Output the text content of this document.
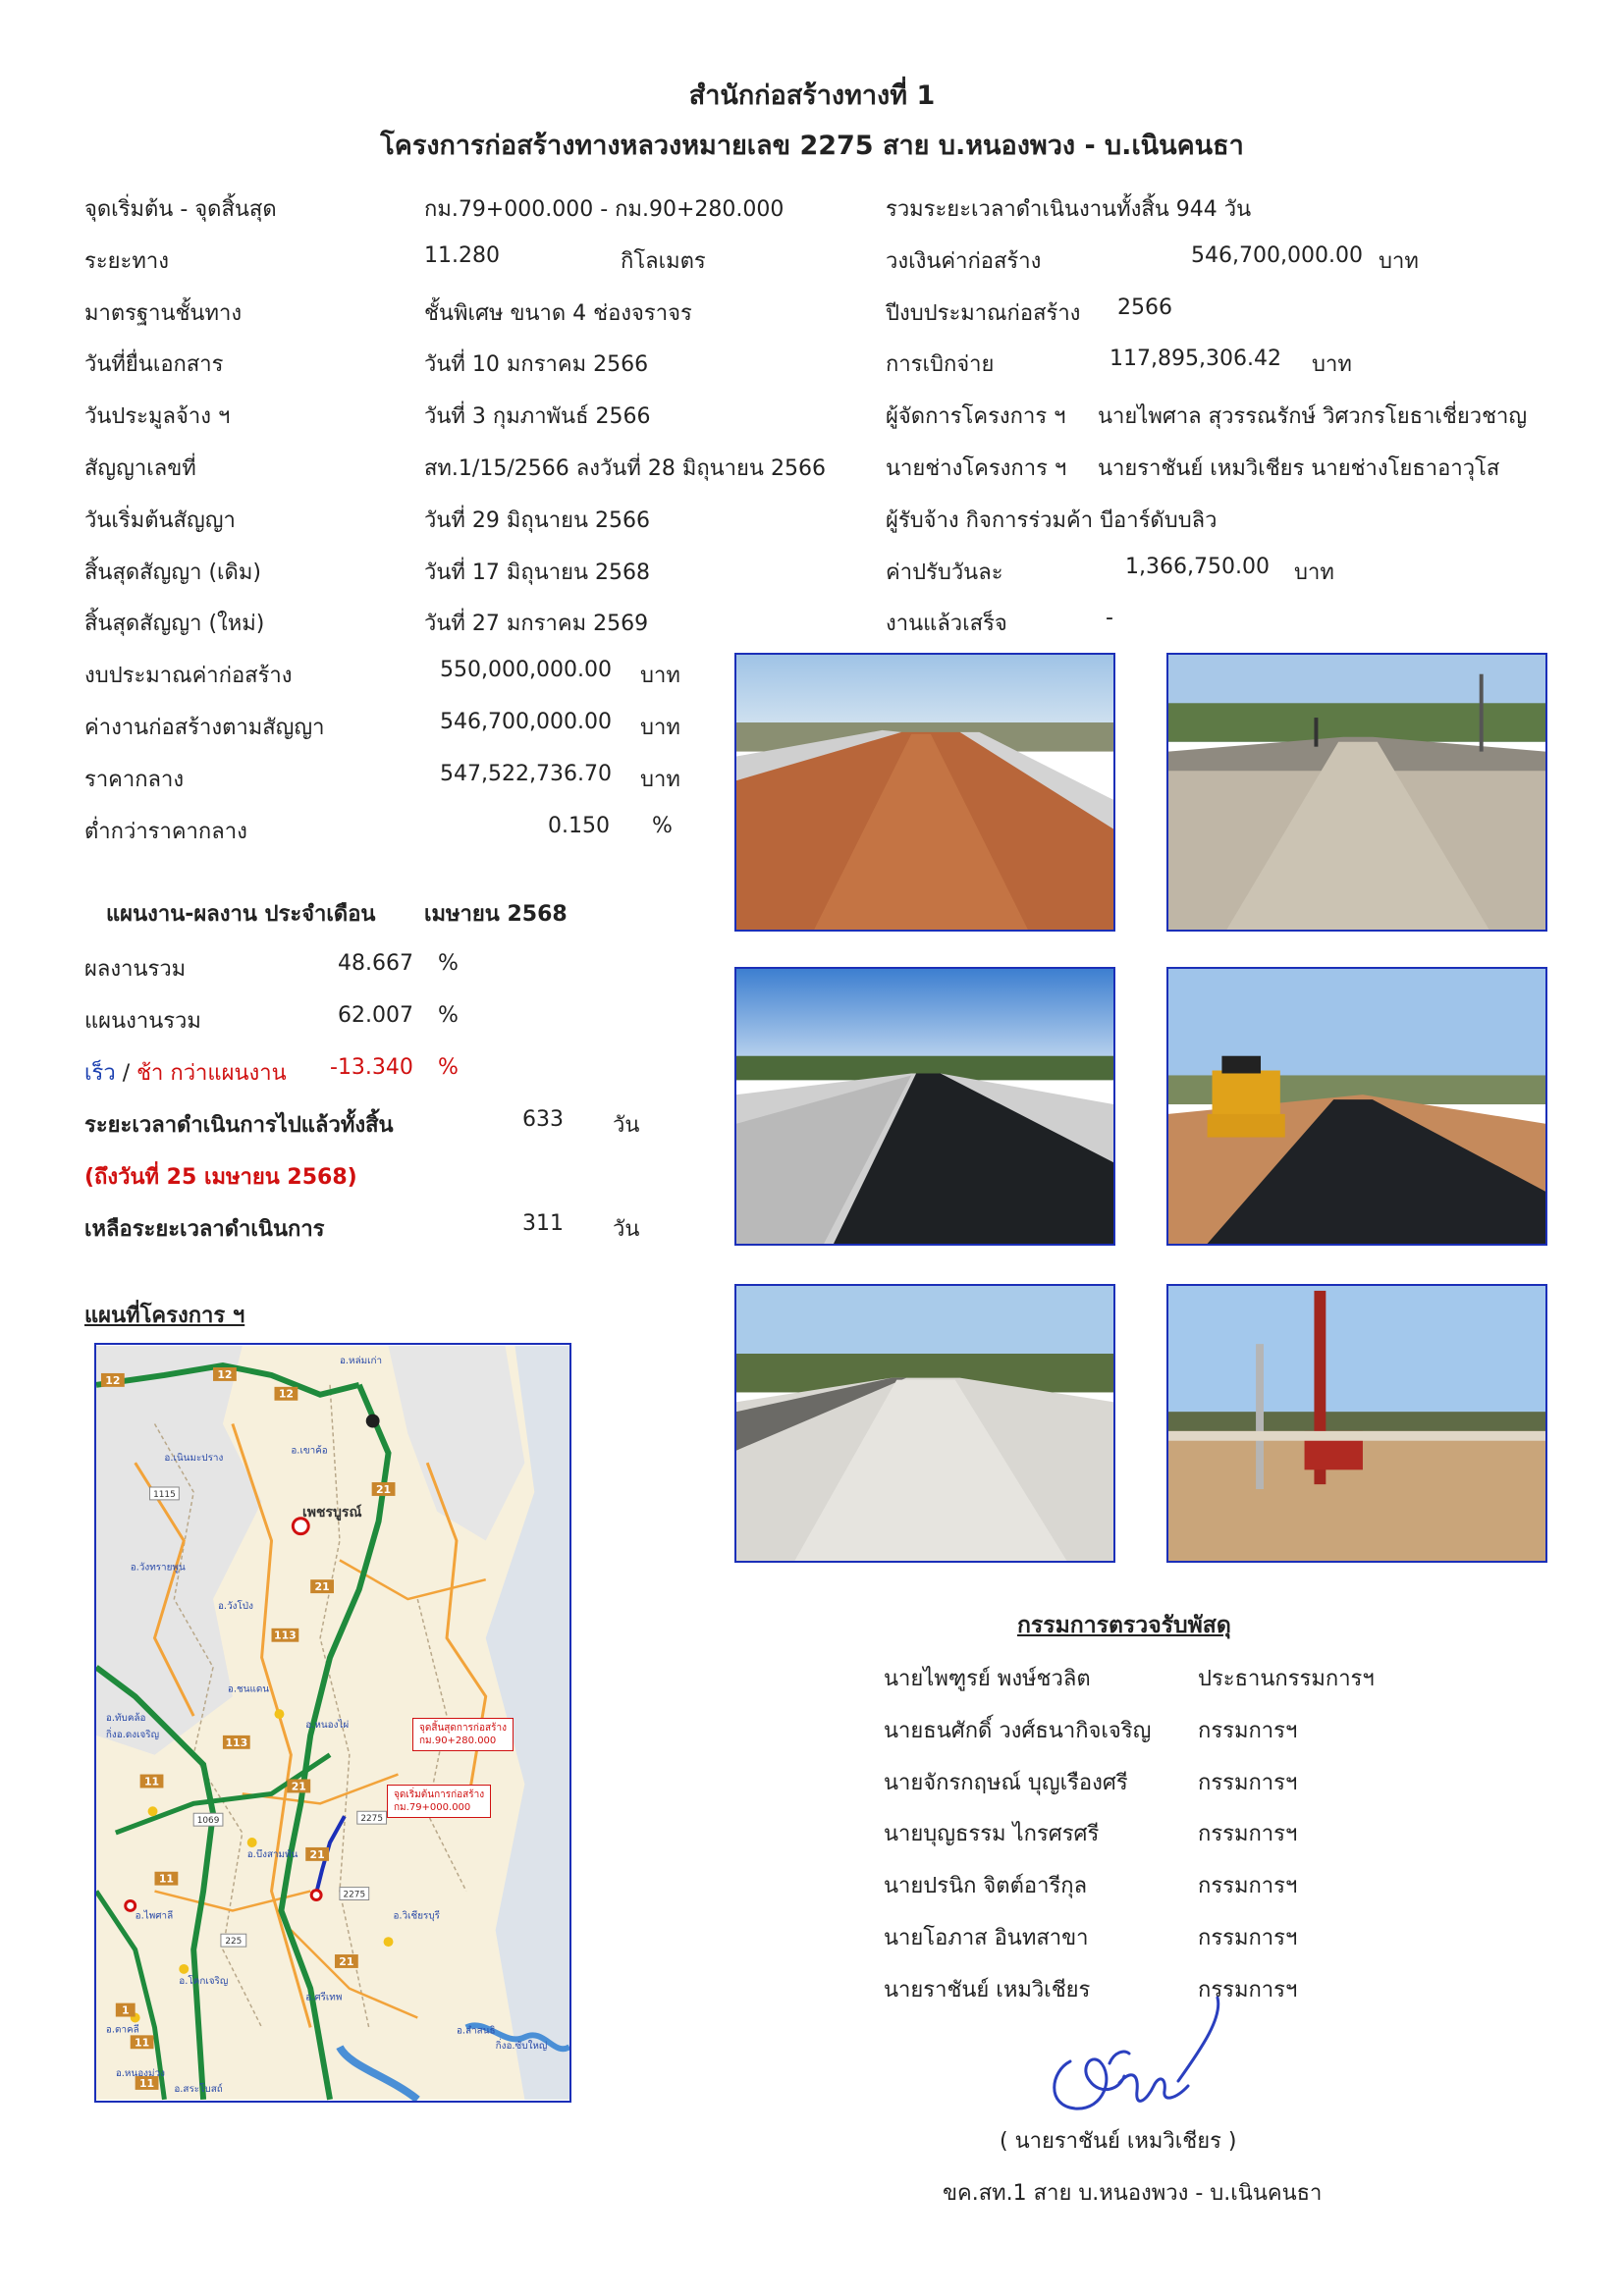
สำนักก่อสร้างทางที่ 1
โครงการก่อสร้างทางหลวงหมายเลข 2275 สาย บ.หนองพวง - บ.เนินคนธา
จุดเริ่มต้น - จุดสิ้นสุด	กม.79+000.000 - กม.90+280.000
ระยะทาง	11.280	กิโลเมตร
มาตรฐานชั้นทาง	ชั้นพิเศษ ขนาด 4 ช่องจราจร
วันที่ยื่นเอกสาร	วันที่ 10 มกราคม 2566
วันประมูลจ้าง ฯ	วันที่ 3 กุมภาพันธ์ 2566
สัญญาเลขที่	สท.1/15/2566 ลงวันที่ 28 มิถุนายน 2566
วันเริ่มต้นสัญญา	วันที่ 29 มิถุนายน 2566
สิ้นสุดสัญญา (เดิม)	วันที่ 17 มิถุนายน 2568
สิ้นสุดสัญญา (ใหม่)	วันที่ 27 มกราคม 2569
รวมระยะเวลาดำเนินงานทั้งสิ้น 944 วัน
วงเงินค่าก่อสร้าง	546,700,000.00 บาท
ปีงบประมาณก่อสร้าง 2566
การเบิกจ่าย	117,895,306.42 บาท
ผู้จัดการโครงการ ฯ นายไพศาล สุวรรณรักษ์ วิศวกรโยธาเชี่ยวชาญ
นายช่างโครงการ ฯ นายราชันย์ เหมวิเชียร นายช่างโยธาอาวุโส
ผู้รับจ้าง กิจการร่วมค้า บีอาร์ดับบลิว
ค่าปรับวันละ	1,366,750.00 บาท
งานแล้วเสร็จ	-
งบประมาณค่าก่อสร้าง	550,000,000.00 บาท
ค่างานก่อสร้างตามสัญญา	546,700,000.00 บาท
ราคากลาง	547,522,736.70 บาท
ต่ำกว่าราคากลาง	0.150 %
แผนงาน-ผลงาน ประจำเดือน เมษายน 2568
ผลงานรวม	48.667 %
แผนงานรวม	62.007 %
เร็ว / ช้า กว่าแผนงาน -13.340 %
ระยะเวลาดำเนินการไปแล้วทั้งสิ้น	633 วัน
(ถึงวันที่ 25 เมษายน 2568)
เหลือระยะเวลาดำเนินการ	311 วัน
แผนที่โครงการ ฯ
12	12
12
21
21
21
21
21
113
113
11
11
11
11
1
2275
2275
225
1069
1115
อ.หล่มเก่า
อ.เขาค้อ
อ.เนินมะปราง
อ.วังทรายพูน
อ.วังโป่ง
อ.ชนแดน
อ.ทับคล้อ
กิ่งอ.ดงเจริญ
อ.หนองไผ่
อ.บึงสามพัน
อ.วิเชียรบุรี
อ.ไพศาลี
อ.ศรีเทพ
อ.โคกเจริญ
อ.ตาคลี
อ.หนองม่วง
อ.สระโบสถ์
อ.ลำสนธิ
กิ่งอ.ซับใหญ่
เพชรบูรณ์
จุดสิ้นสุดการก่อสร้าง
กม.90+280.000
จุดเริ่มต้นการก่อสร้าง
กม.79+000.000
กรรมการตรวจรับพัสดุ
นายไพฑูรย์ พงษ์ชวลิต	ประธานกรรมการฯ
นายธนศักดิ์ วงศ์ธนากิจเจริญ กรรมการฯ
นายจักรกฤษณ์ บุญเรืองศรี	กรรมการฯ
นายบุญธรรม ไกรศรศรี	กรรมการฯ
นายปรนิก จิตต์อารีกุล	กรรมการฯ
นายโอภาส อินทสาขา	กรรมการฯ
นายราชันย์ เหมวิเชียร	กรรมการฯ
( นายราชันย์ เหมวิเชียร )
ขค.สท.1 สาย บ.หนองพวง - บ.เนินคนธา
